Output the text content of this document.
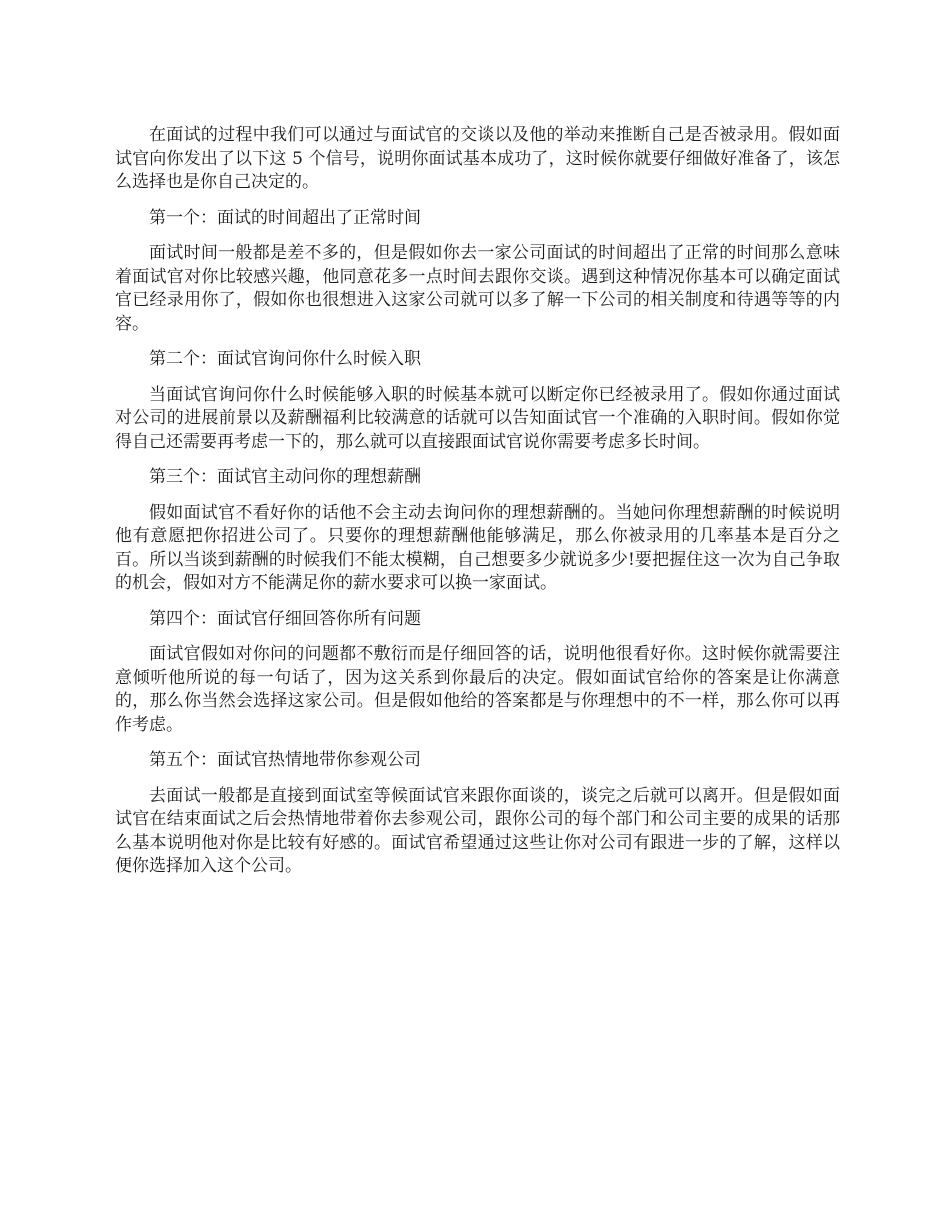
在面试的过程中我们可以通过与面试官的交谈以及他的举动来推断自己是否被录用。假如面试官向你发出了以下这 5 个信号，说明你面试基本成功了，这时候你就要仔细做好准备了，该怎么选择也是你自己决定的。

第一个：面试的时间超出了正常时间

面试时间一般都是差不多的，但是假如你去一家公司面试的时间超出了正常的时间那么意味着面试官对你比较感兴趣，他同意花多一点时间去跟你交谈。遇到这种情况你基本可以确定面试官已经录用你了，假如你也很想进入这家公司就可以多了解一下公司的相关制度和待遇等等的内容。

第二个：面试官询问你什么时候入职

当面试官询问你什么时候能够入职的时候基本就可以断定你已经被录用了。假如你通过面试对公司的进展前景以及薪酬福利比较满意的话就可以告知面试官一个准确的入职时间。假如你觉得自己还需要再考虑一下的，那么就可以直接跟面试官说你需要考虑多长时间。

第三个：面试官主动问你的理想薪酬

假如面试官不看好你的话他不会主动去询问你的理想薪酬的。当她问你理想薪酬的时候说明他有意愿把你招进公司了。只要你的理想薪酬他能够满足，那么你被录用的几率基本是百分之百。所以当谈到薪酬的时候我们不能太模糊，自己想要多少就说多少!要把握住这一次为自己争取的机会，假如对方不能满足你的薪水要求可以换一家面试。

第四个：面试官仔细回答你所有问题

面试官假如对你问的问题都不敷衍而是仔细回答的话，说明他很看好你。这时候你就需要注意倾听他所说的每一句话了，因为这关系到你最后的决定。假如面试官给你的答案是让你满意的，那么你当然会选择这家公司。但是假如他给的答案都是与你理想中的不一样，那么你可以再作考虑。

第五个：面试官热情地带你参观公司

去面试一般都是直接到面试室等候面试官来跟你面谈的，谈完之后就可以离开。但是假如面试官在结束面试之后会热情地带着你去参观公司，跟你公司的每个部门和公司主要的成果的话那么基本说明他对你是比较有好感的。面试官希望通过这些让你对公司有跟进一步的了解，这样以便你选择加入这个公司。
